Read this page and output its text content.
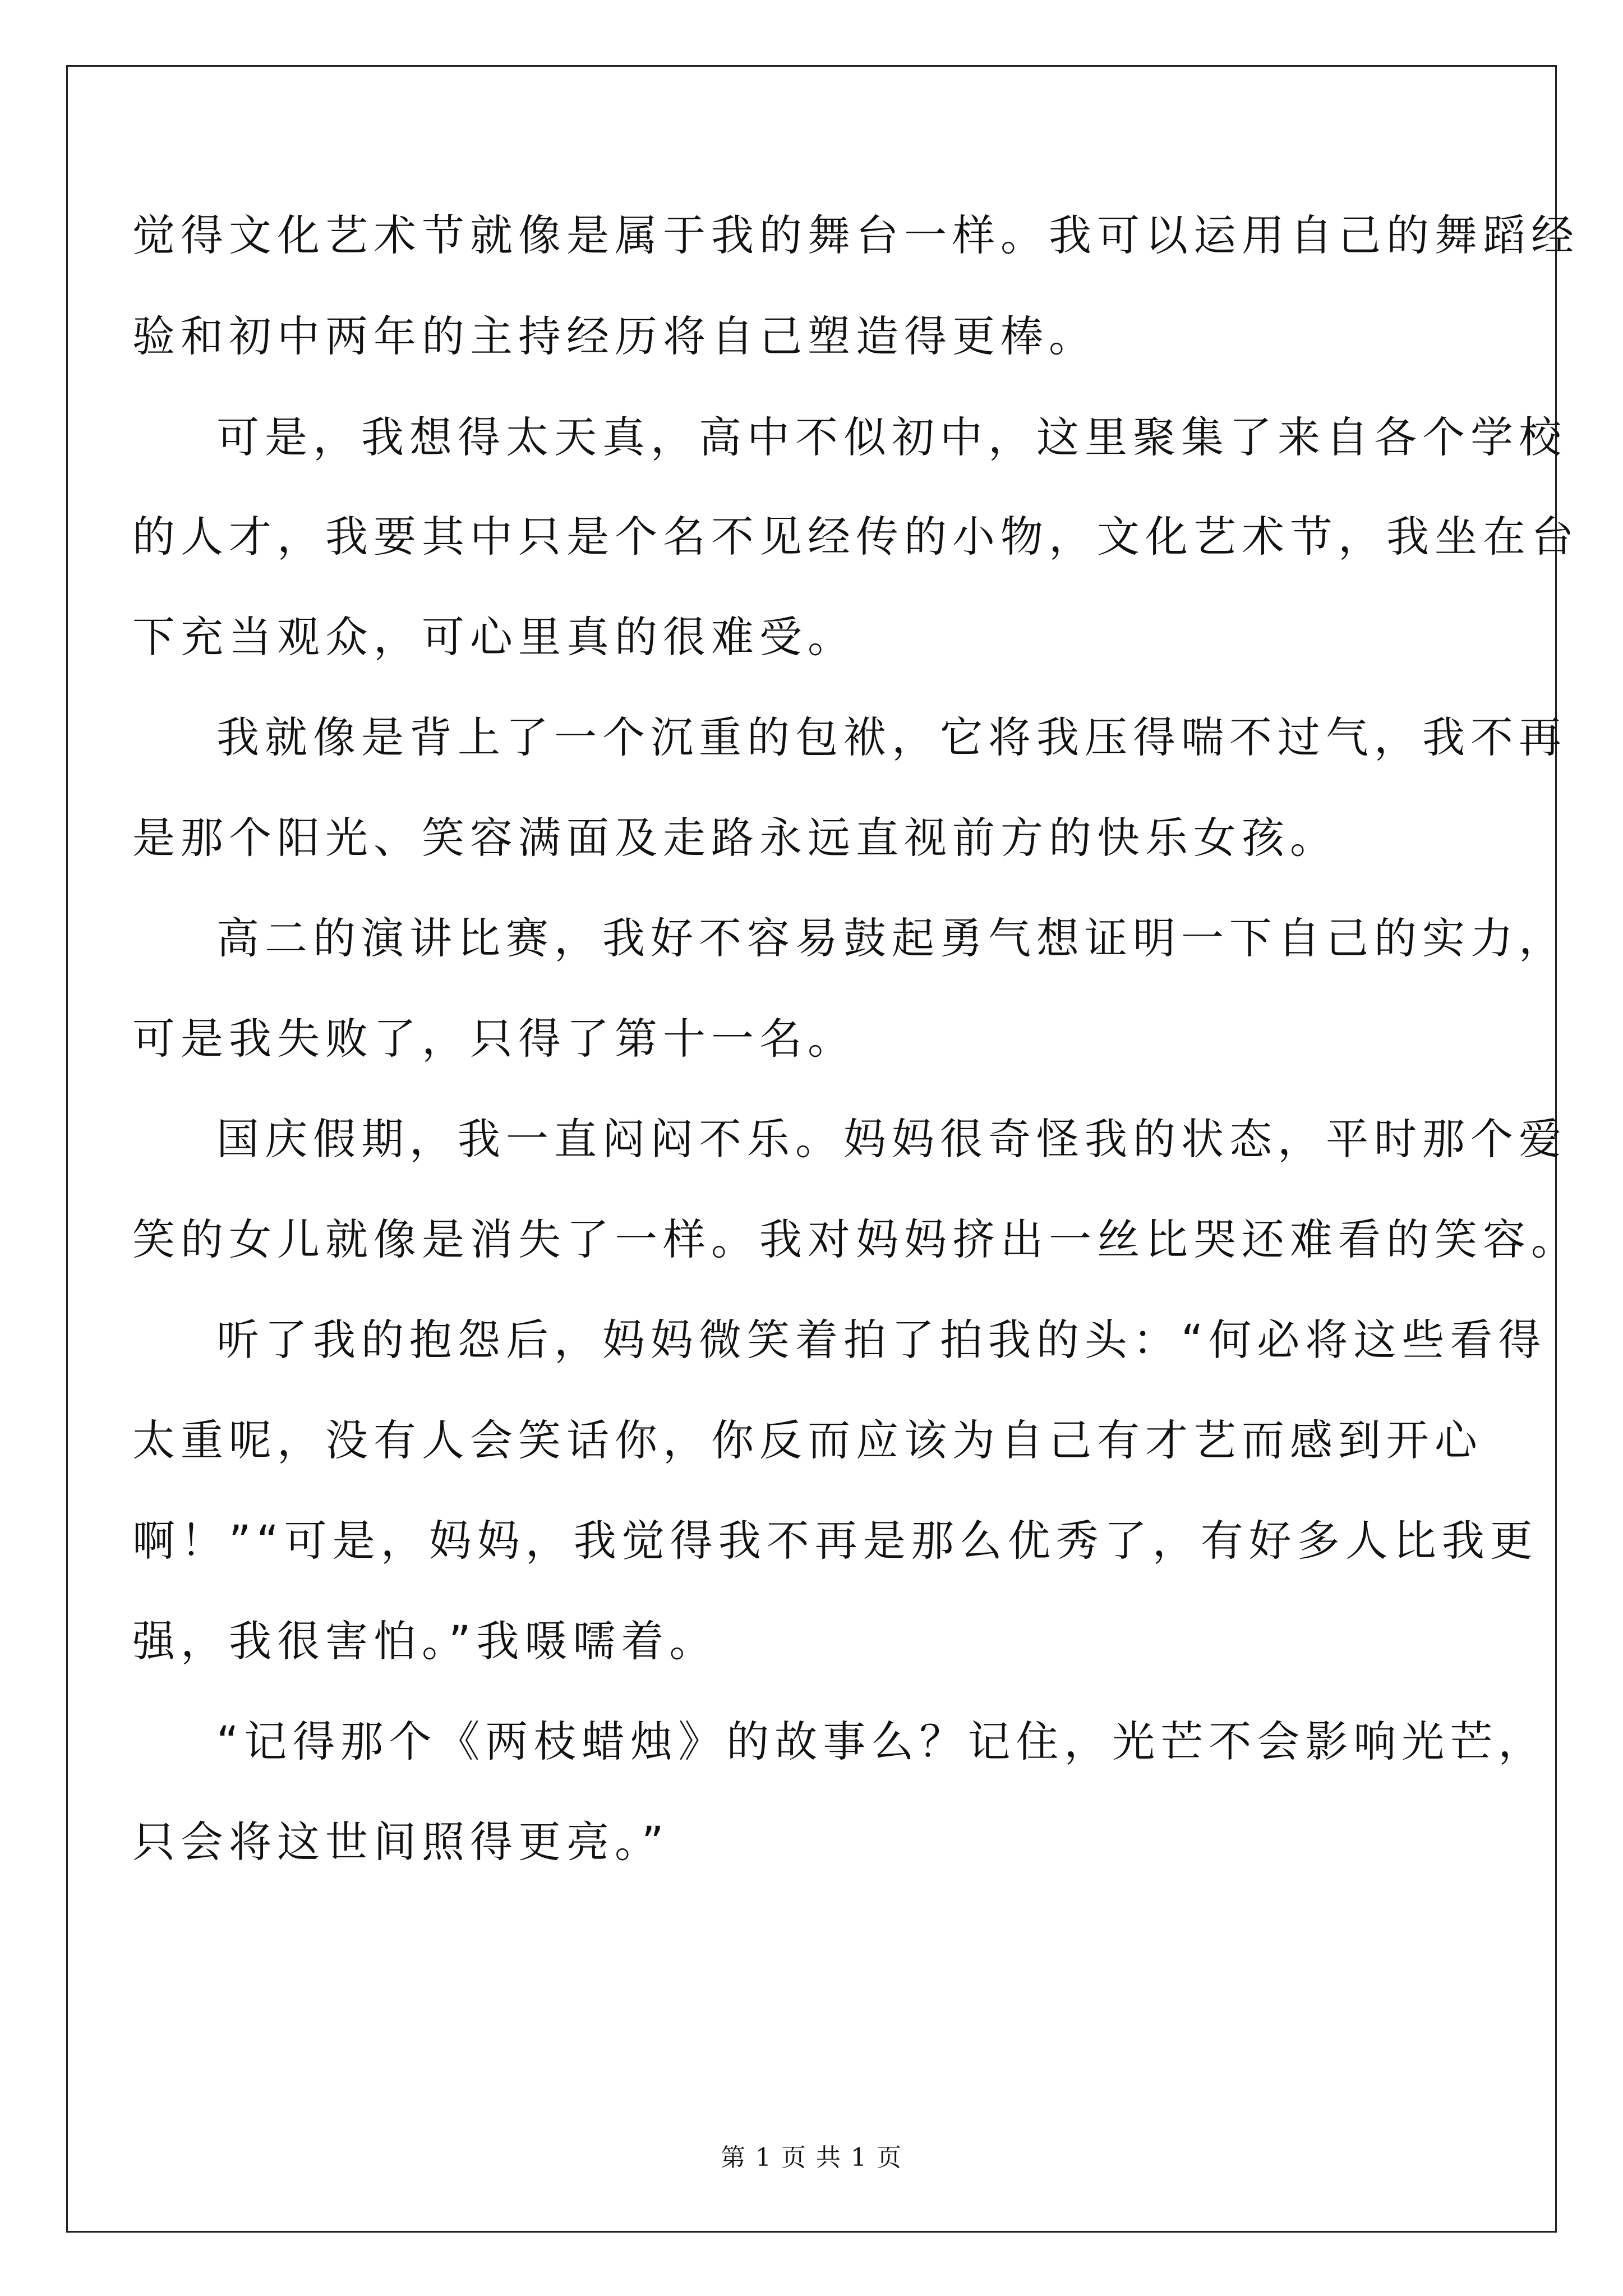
觉得文化艺术节就像是属于我的舞台一样。我可以运用自己的舞蹈经
验和初中两年的主持经历将自己塑造得更棒。
可是，我想得太天真，高中不似初中，这里聚集了来自各个学校
的人才，我要其中只是个名不见经传的小物，文化艺术节，我坐在台
下充当观众，可心里真的很难受。
我就像是背上了一个沉重的包袱，它将我压得喘不过气，我不再
是那个阳光、笑容满面及走路永远直视前方的快乐女孩。
高二的演讲比赛，我好不容易鼓起勇气想证明一下自己的实力，
可是我失败了，只得了第十一名。
国庆假期，我一直闷闷不乐。妈妈很奇怪我的状态，平时那个爱
笑的女儿就像是消失了一样。我对妈妈挤出一丝比哭还难看的笑容。
听了我的抱怨后，妈妈微笑着拍了拍我的头：“何必将这些看得
太重呢，没有人会笑话你，你反而应该为自己有才艺而感到开心
啊！”“可是，妈妈，我觉得我不再是那么优秀了，有好多人比我更
强，我很害怕。”我嗫嚅着。
“记得那个《两枝蜡烛》的故事么？记住，光芒不会影响光芒，
只会将这世间照得更亮。”
第 1 页 共 1 页
